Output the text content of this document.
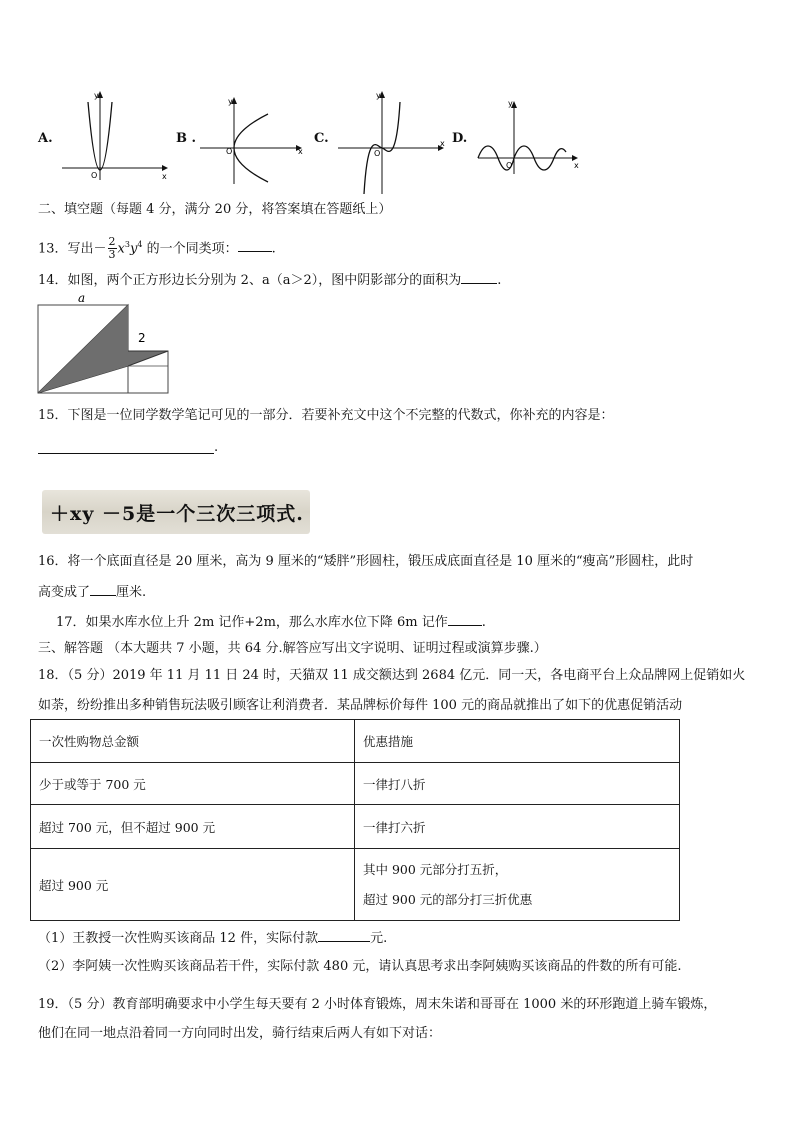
A.
O	x
y
B .
O	x
y
C.
O
x
y
D.
O	x
y
二、填空题（每题 4 分，满分 20 分，将答案填在答题纸上）
13．写出－ $\frac{2}{3} x^3y^4$ 的一个同类项：	.
14．如图，两个正方形边长分别为 2、a（a＞2），图中阴影部分的面积为	.
a
2
15．下图是一位同学数学笔记可见的一部分．若要补充文中这个不完整的代数式，你补充的内容是：
.
＋xy －5是一个三次三项式.
16．将一个底面直径是 20 厘米，高为 9 厘米的“矮胖”形圆柱，锻压成底面直径是 10 厘米的“瘦高”形圆柱，此时
高变成了 厘米.
17．如果水库水位上升 2m 记作+2m，那么水库水位下降 6m 记作	.
三、解答题 （本大题共 7 小题，共 64 分.解答应写出文字说明、证明过程或演算步骤.）
18．（5 分）2019 年 11 月 11 日 24 时，天猫双 11 成交额达到 2684 亿元．同一天，各电商平台上众品牌网上促销如火
如荼，纷纷推出多种销售玩法吸引顾客让利消费者．某品牌标价每件 100 元的商品就推出了如下的优惠促销活动
一次性购物总金额	优惠措施
少于或等于 700 元	一律打八折
超过 700 元，但不超过 900 元	一律打六折
超过 900 元	其中 900 元部分打五折，
超过 900 元的部分打三折优惠
（1）王教授一次性购买该商品 12 件，实际付款	元.
（2）李阿姨一次性购买该商品若干件，实际付款 480 元，请认真思考求出李阿姨购买该商品的件数的所有可能.
19．（5 分）教育部明确要求中小学生每天要有 2 小时体育锻炼，周末朱诺和哥哥在 1000 米的环形跑道上骑车锻炼，
他们在同一地点沿着同一方向同时出发，骑行结束后两人有如下对话：
